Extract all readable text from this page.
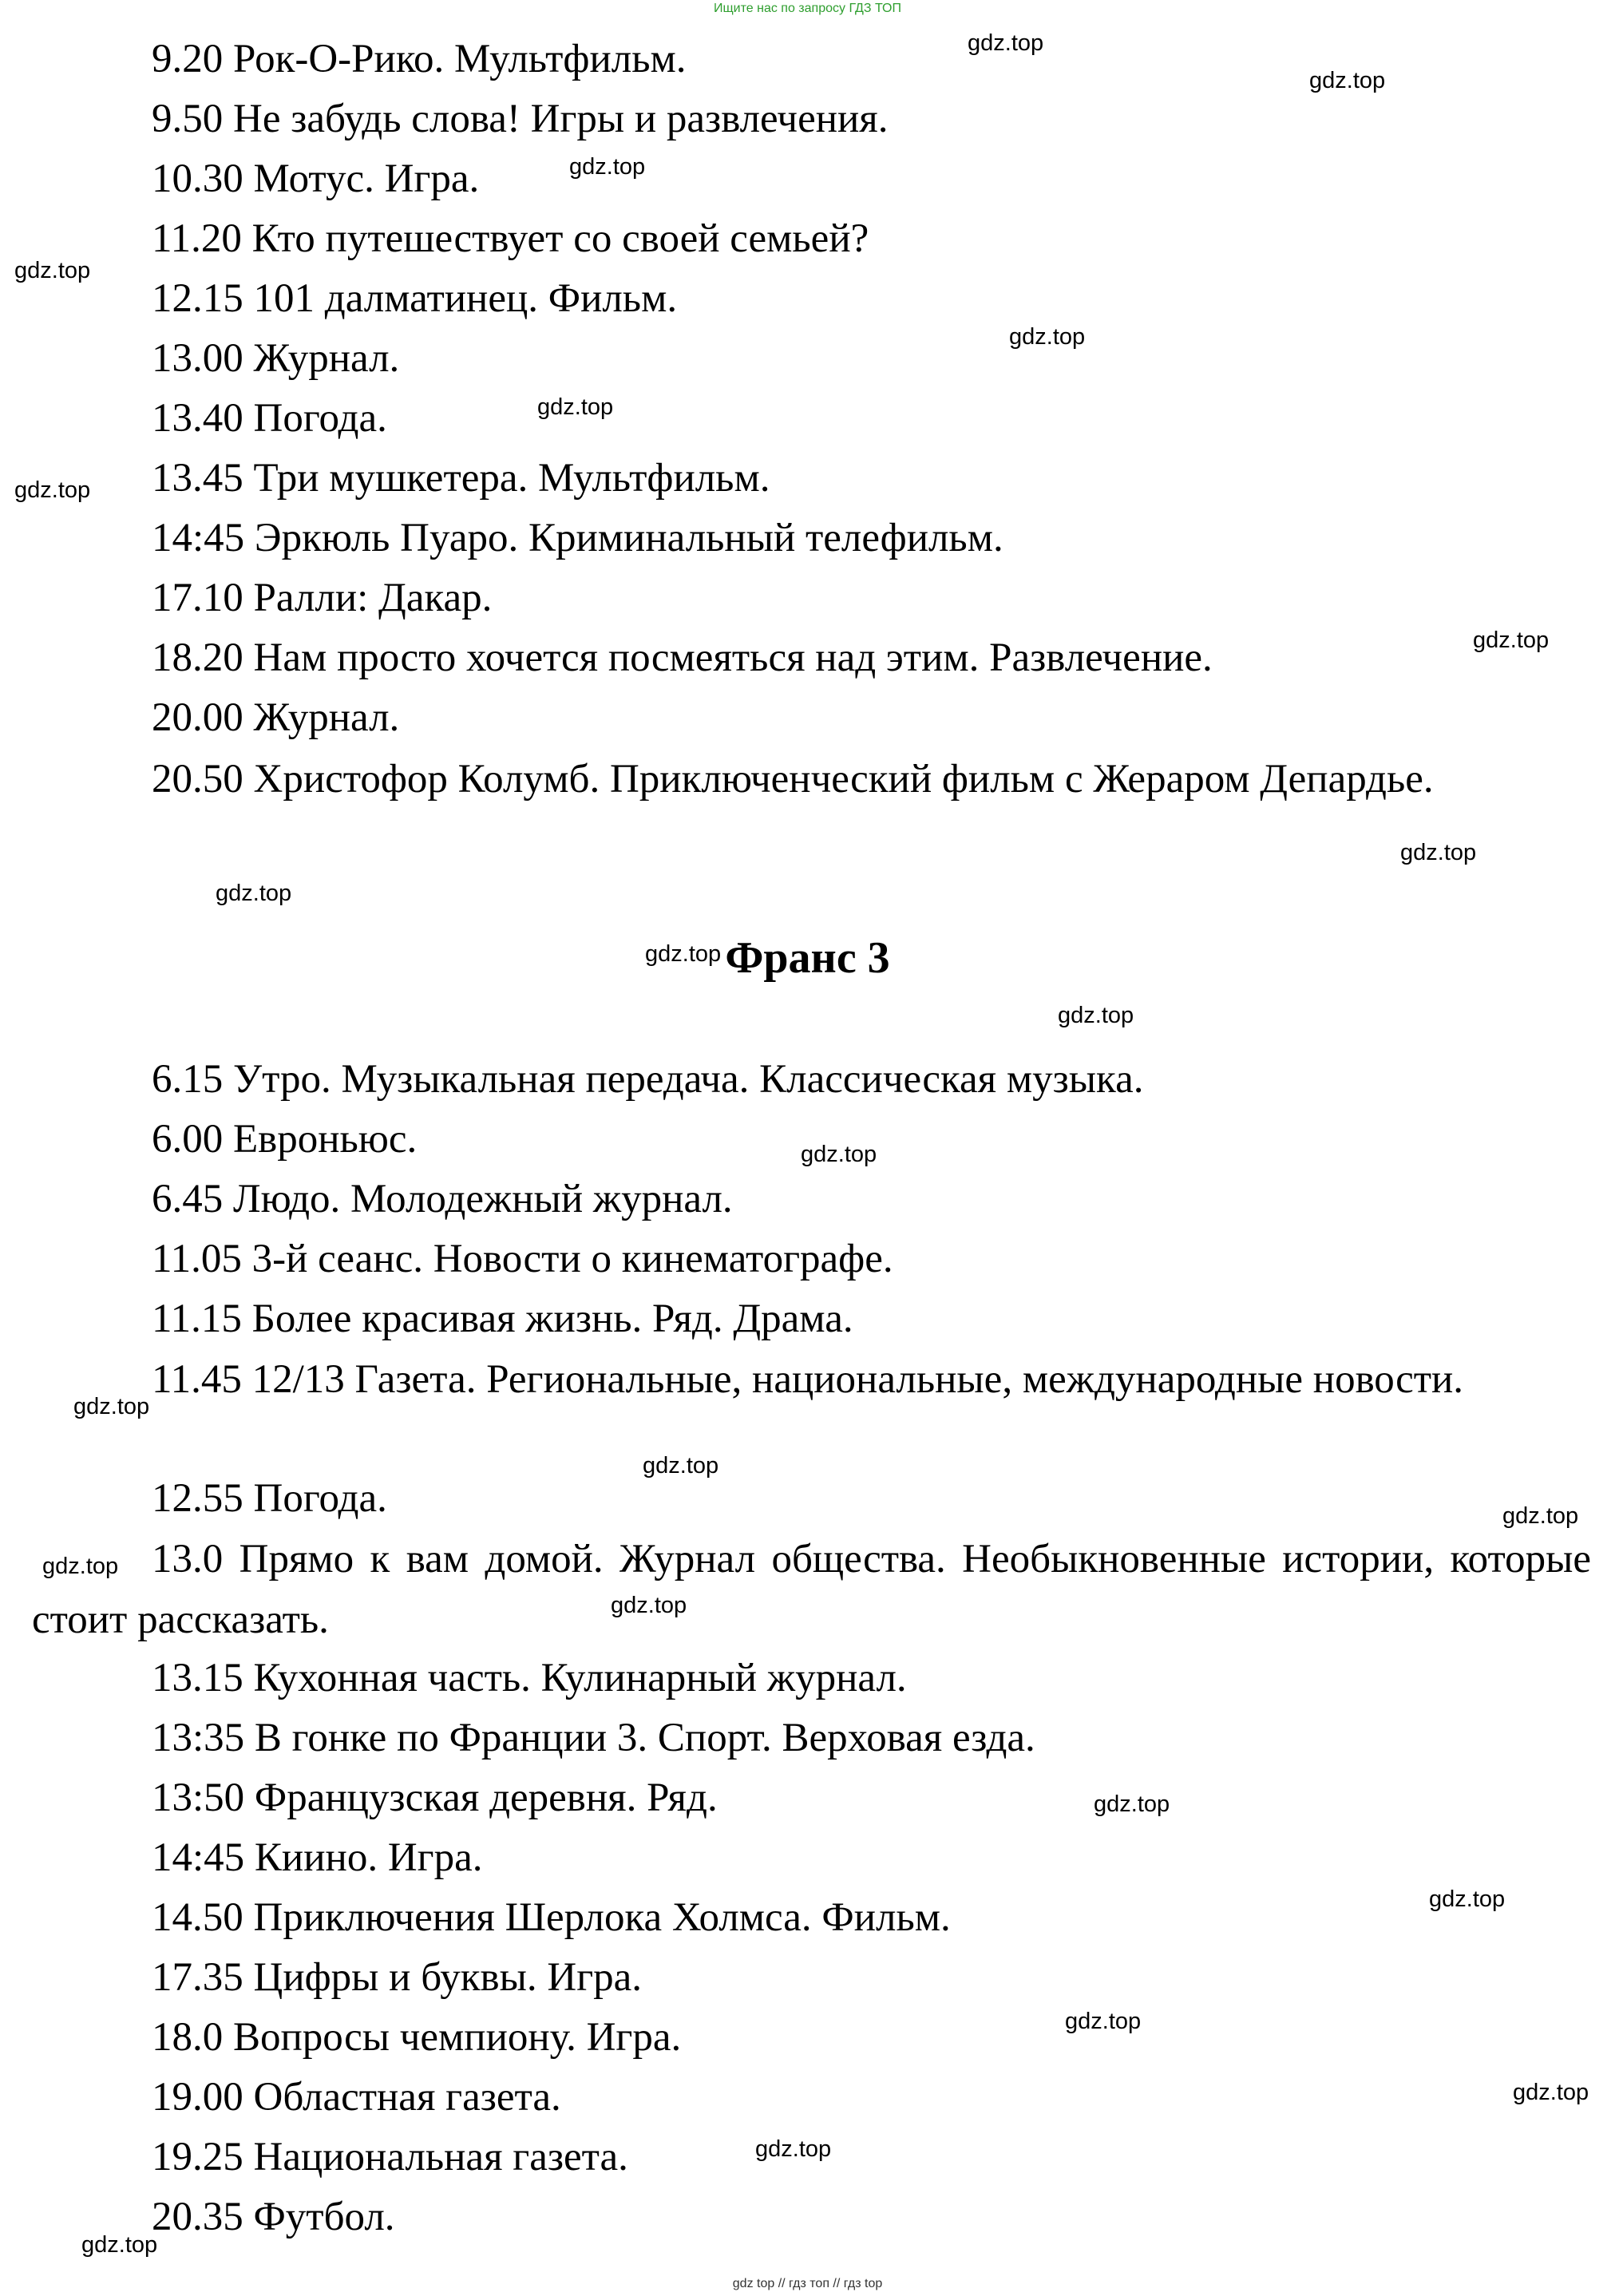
Ищите нас по запросу ГДЗ ТОП
9.20 Рок-О-Рико. Мультфильм.
9.50 Не забудь слова! Игры и развлечения.
10.30 Мотус. Игра.
11.20 Кто путешествует со своей семьей?
12.15 101 далматинец. Фильм.
13.00 Журнал.
13.40 Погода.
13.45 Три мушкетера. Мультфильм.
14:45 Эркюль Пуаро. Криминальный телефильм.
17.10 Ралли: Дакар.
18.20 Нам просто хочется посмеяться над этим. Развлечение.
20.00 Журнал.
20.50 Христофор Колумб. Приключенческий фильм с Жераром Депардье.
Франс 3
6.15 Утро. Музыкальная передача. Классическая музыка.
6.00 Евроньюс.
6.45 Людо. Молодежный журнал.
11.05 3-й сеанс. Новости о кинематографе.
11.15 Более красивая жизнь. Ряд. Драма.
11.45 12/13 Газета. Региональные, национальные, международные новости.
12.55 Погода.
13.0 Прямо к вам домой. Журнал общества. Необыкновенные истории, которые стоит рассказать.
13.15 Кухонная часть. Кулинарный журнал.
13:35 В гонке по Франции 3. Спорт. Верховая езда.
13:50 Французская деревня. Ряд.
14:45 Киино. Игра.
14.50 Приключения Шерлока Холмса. Фильм.
17.35 Цифры и буквы. Игра.
18.0 Вопросы чемпиону. Игра.
19.00 Областная газета.
19.25 Национальная газета.
20.35 Футбол.
gdz.top
gdz.top
gdz.top
gdz.top
gdz.top
gdz.top
gdz.top
gdz.top
gdz.top
gdz.top
gdz.top
gdz.top
gdz.top
gdz.top
gdz.top
gdz.top
gdz.top
gdz.top
gdz.top
gdz.top
gdz.top
gdz.top
gdz.top
gdz.top
gdz top // гдз топ // гдз top
